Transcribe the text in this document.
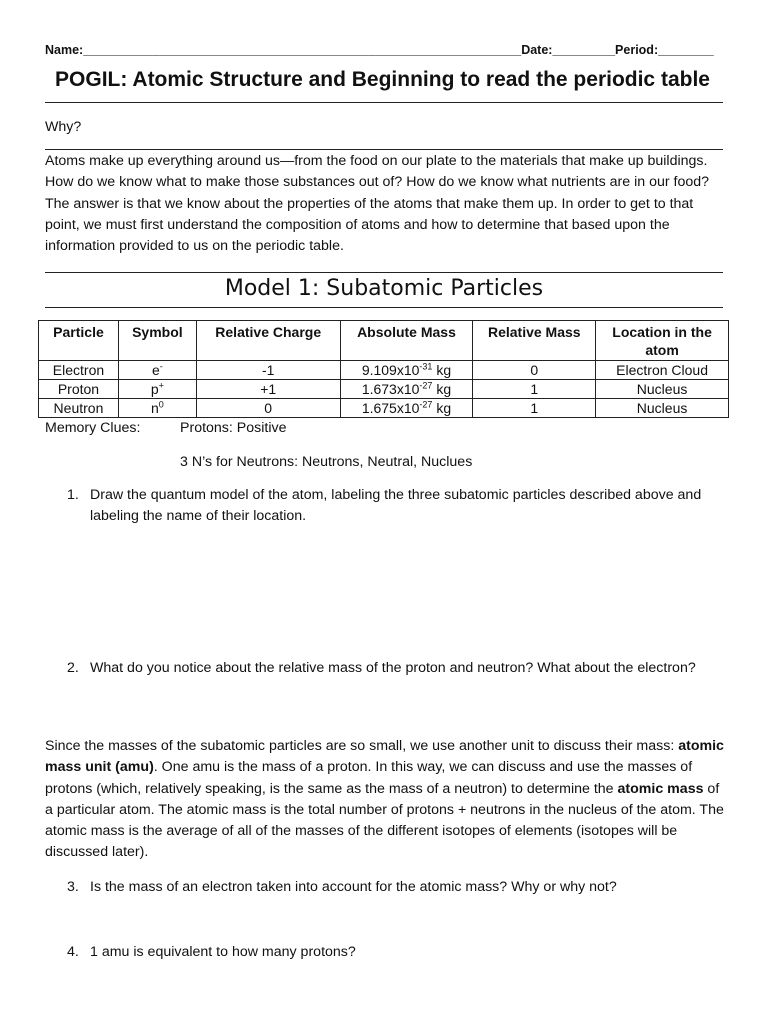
Name:_______________________________________________________________Date:_________Period:________
POGIL: Atomic Structure and Beginning to read the periodic table
Why?
Atoms make up everything around us—from the food on our plate to the materials that make up buildings. How do we know what to make those substances out of? How do we know what nutrients are in our food? The answer is that we know about the properties of the atoms that make them up. In order to get to that point, we must first understand the composition of atoms and how to determine that based upon the information provided to us on the periodic table.
Model 1: Subatomic Particles
Particle	Symbol	Relative Charge	Absolute Mass	Relative Mass	Location in the atom
Electron	e-	-1	$9.109x10^{-31}$ kg	0	Electron Cloud
Proton	p+	+1	$1.673x10^{-27}$ kg	1	Nucleus
Neutron	$n^0$	0	$1.675x10^{-27}$ kg	1	Nucleus
Memory Clues:	Protons: Positive
3 N’s for Neutrons: Neutrons, Neutral, Nuclues
1. Draw the quantum model of the atom, labeling the three subatomic particles described above and labeling the name of their location.
2. What do you notice about the relative mass of the proton and neutron? What about the electron?
Since the masses of the subatomic particles are so small, we use another unit to discuss their mass: atomic mass unit (amu). One amu is the mass of a proton. In this way, we can discuss and use the masses of protons (which, relatively speaking, is the same as the mass of a neutron) to determine the atomic mass of a particular atom. The atomic mass is the total number of protons + neutrons in the nucleus of the atom. The atomic mass is the average of all of the masses of the different isotopes of elements (isotopes will be discussed later).
3. Is the mass of an electron taken into account for the atomic mass? Why or why not?
4. 1 amu is equivalent to how many protons?
